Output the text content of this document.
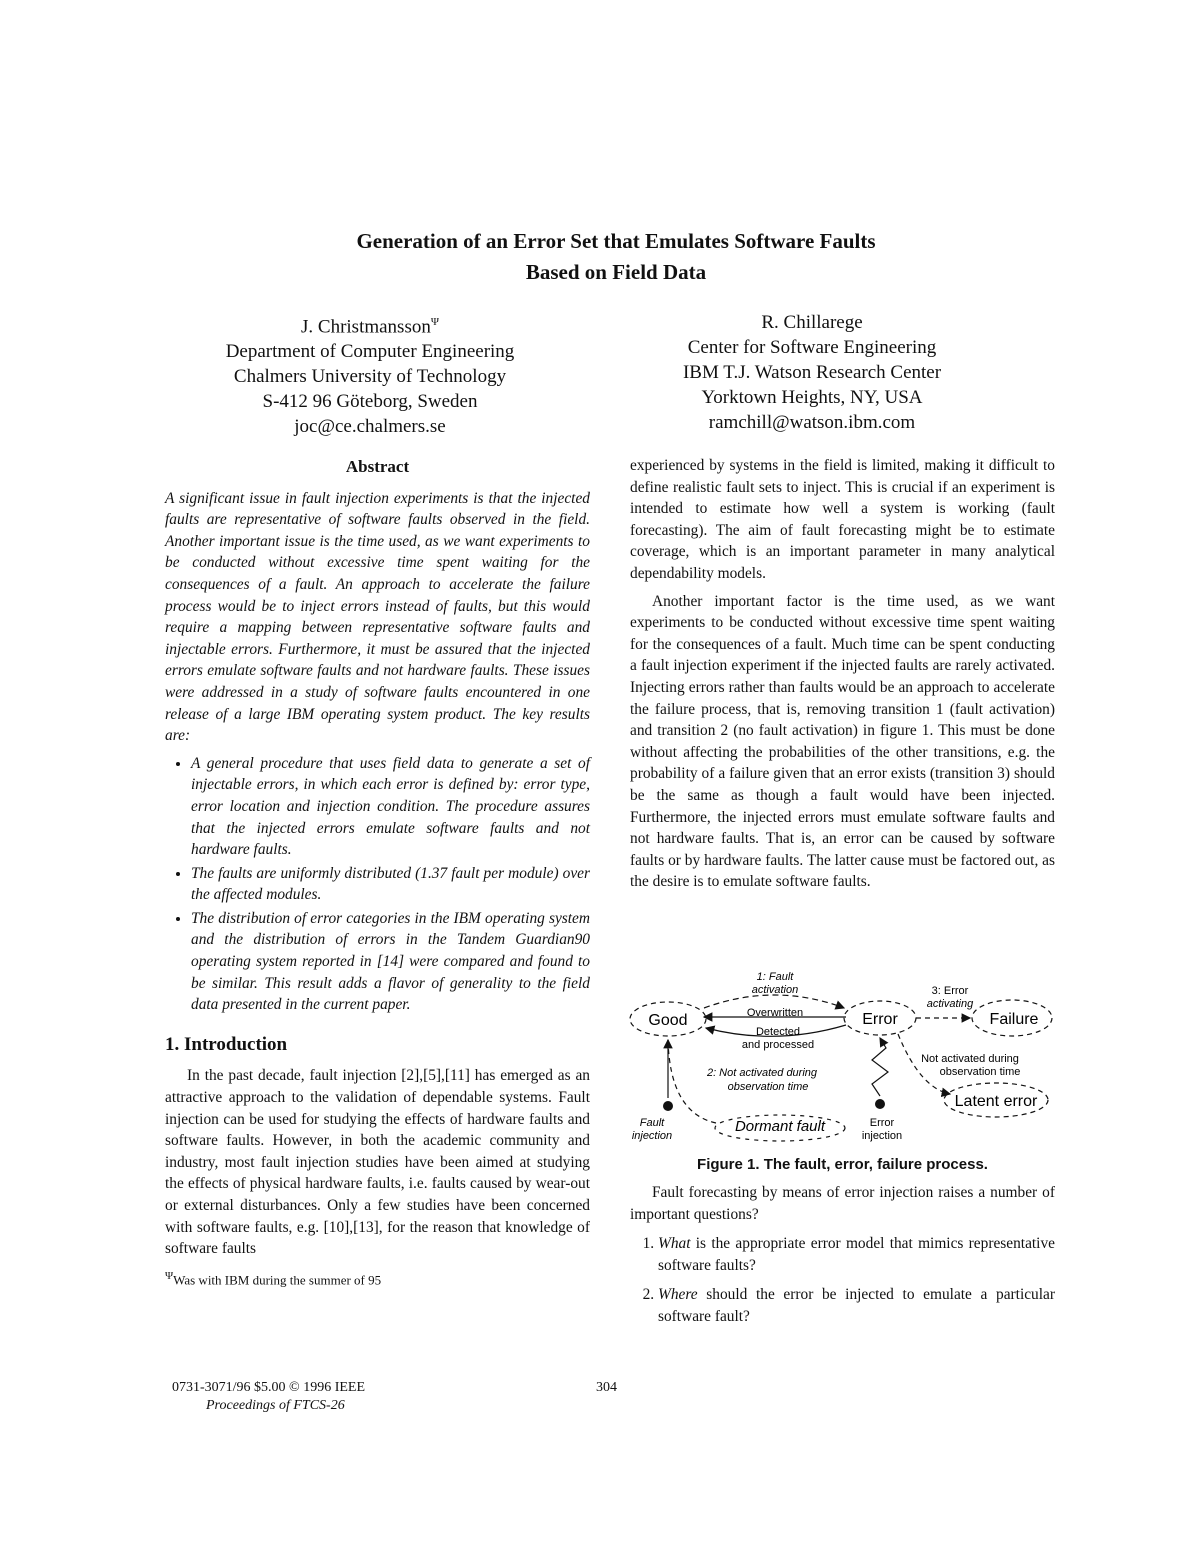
Generation of an Error Set that Emulates Software Faults
Based on Field Data
J. Christmansson$^\Psi$
Department of Computer Engineering
Chalmers University of Technology
S-412 96 Göteborg, Sweden
joc@ce.chalmers.se
R. Chillarege
Center for Software Engineering
IBM T.J. Watson Research Center
Yorktown Heights, NY, USA
ramchill@watson.ibm.com
Abstract

A significant issue in fault injection experiments is that the injected faults are representative of software faults observed in the field. Another important issue is the time used, as we want experiments to be conducted without excessive time spent waiting for the consequences of a fault. An approach to accelerate the failure process would be to inject errors instead of faults, but this would require a mapping between representative software faults and injectable errors. Furthermore, it must be assured that the injected errors emulate software faults and not hardware faults. These issues were addressed in a study of software faults encountered in one release of a large IBM operating system product. The key results are:

• A general procedure that uses field data to generate a set of injectable errors, in which each error is defined by: error type, error location and injection condition. The procedure assures that the injected errors emulate software faults and not hardware faults.
• The faults are uniformly distributed (1.37 fault per module) over the affected modules.
• The distribution of error categories in the IBM operating system and the distribution of errors in the Tandem Guardian90 operating system reported in [14] were compared and found to be similar. This result adds a flavor of generality to the field data presented in the current paper.
1. Introduction

In the past decade, fault injection [2],[5],[11] has emerged as an attractive approach to the validation of dependable systems. Fault injection can be used for studying the effects of hardware faults and software faults. However, in both the academic community and industry, most fault injection studies have been aimed at studying the effects of physical hardware faults, i.e. faults caused by wear-out or external disturbances. Only a few studies have been concerned with software faults, e.g. [10],[13], for the reason that knowledge of software faults

$^\Psi$Was with IBM during the summer of 95

experienced by systems in the field is limited, making it difficult to define realistic fault sets to inject. This is crucial if an experiment is intended to estimate how well a system is working (fault forecasting). The aim of fault forecasting might be to estimate coverage, which is an important parameter in many analytical dependability models.

Another important factor is the time used, as we want experiments to be conducted without excessive time spent waiting for the consequences of a fault. Much time can be spent conducting a fault injection experiment if the injected faults are rarely activated. Injecting errors rather than faults would be an approach to accelerate the failure process, that is, removing transition 1 (fault activation) and transition 2 (no fault activation) in figure 1. This must be done without affecting the probabilities of the other transitions, e.g. the probability of a failure given that an error exists (transition 3) should be the same as though a fault would have been injected. Furthermore, the injected errors must emulate software faults and not hardware faults. That is, an error can be caused by software faults or by hardware faults. The latter cause must be factored out, as the desire is to emulate software faults.

Good	Error	Failure
Latent error
Dormant fault
1: Fault
activation
Overwritten
Detected
and processed
3: Error
activating
2: Not activated during
observation time
Not activated during
observation time
Fault
injection
Error
injection
Figure 1. The fault, error, failure process.

Fault forecasting by means of error injection raises a number of important questions?

1. What is the appropriate error model that mimics representative software faults?
2. Where should the error be injected to emulate a particular software fault?
0731-3071/96 $5.00 © 1996 IEEE	304
Proceedings of FTCS-26
